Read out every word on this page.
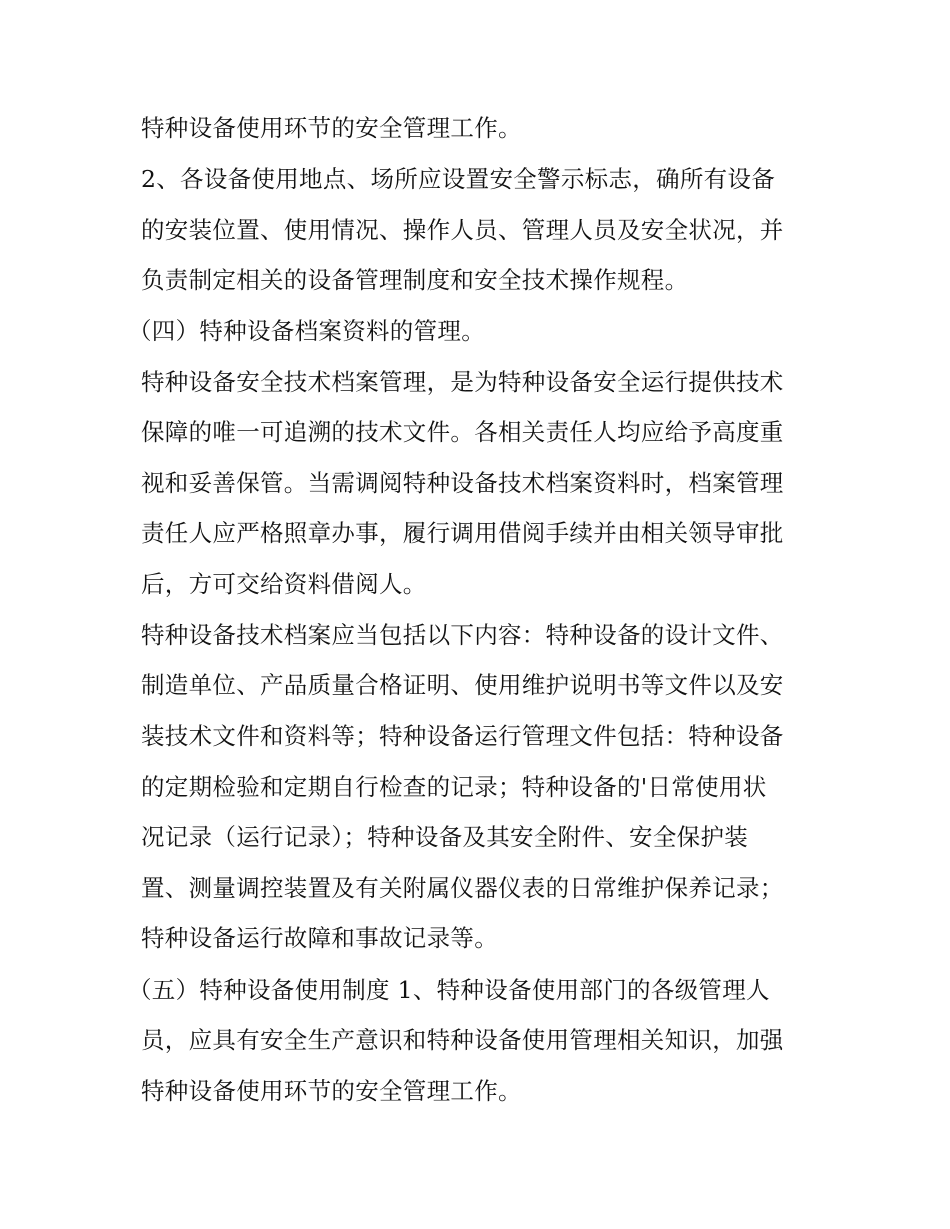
特种设备使用环节的安全管理工作。
2、各设备使用地点、场所应设置安全警示标志，确所有设备
的安装位置、使用情况、操作人员、管理人员及安全状况，并
负责制定相关的设备管理制度和安全技术操作规程。
（四）特种设备档案资料的管理。
特种设备安全技术档案管理，是为特种设备安全运行提供技术
保障的唯一可追溯的技术文件。各相关责任人均应给予高度重
视和妥善保管。当需调阅特种设备技术档案资料时，档案管理
责任人应严格照章办事，履行调用借阅手续并由相关领导审批
后，方可交给资料借阅人。
特种设备技术档案应当包括以下内容：特种设备的设计文件、
制造单位、产品质量合格证明、使用维护说明书等文件以及安
装技术文件和资料等；特种设备运行管理文件包括：特种设备
的定期检验和定期自行检查的记录；特种设备的'日常使用状
况记录（运行记录）；特种设备及其安全附件、安全保护装
置、测量调控装置及有关附属仪器仪表的日常维护保养记录；
特种设备运行故障和事故记录等。
（五）特种设备使用制度 1、特种设备使用部门的各级管理人
员，应具有安全生产意识和特种设备使用管理相关知识，加强
特种设备使用环节的安全管理工作。
